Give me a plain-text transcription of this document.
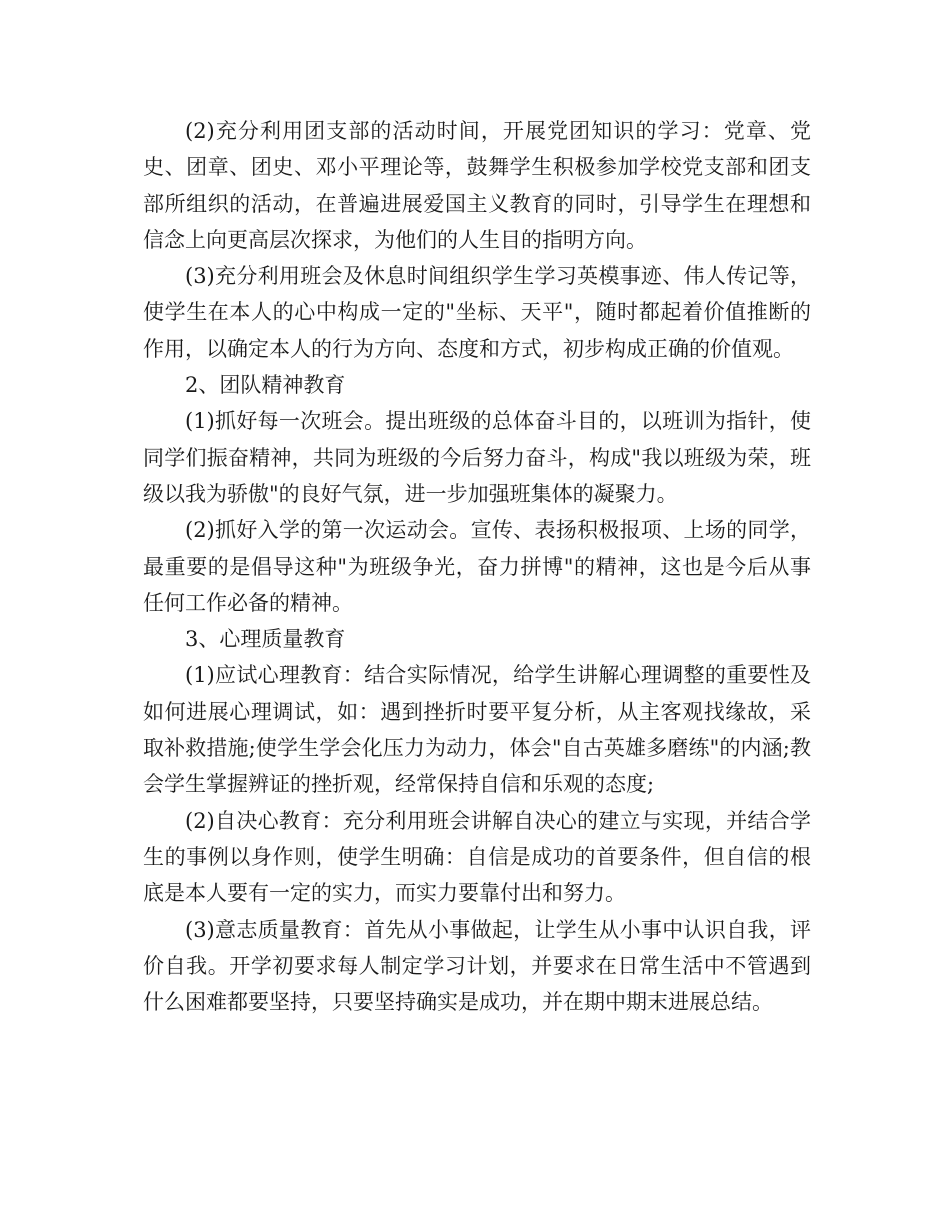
(2)充分利用团支部的活动时间，开展党团知识的学习：党章、党史、团章、团史、邓小平理论等，鼓舞学生积极参加学校党支部和团支部所组织的活动，在普遍进展爱国主义教育的同时，引导学生在理想和信念上向更高层次探求，为他们的人生目的指明方向。

(3)充分利用班会及休息时间组织学生学习英模事迹、伟人传记等，使学生在本人的心中构成一定的"坐标、天平"，随时都起着价值推断的作用，以确定本人的行为方向、态度和方式，初步构成正确的价值观。

2、团队精神教育

(1)抓好每一次班会。提出班级的总体奋斗目的，以班训为指针，使同学们振奋精神，共同为班级的今后努力奋斗，构成"我以班级为荣，班级以我为骄傲"的良好气氛，进一步加强班集体的凝聚力。

(2)抓好入学的第一次运动会。宣传、表扬积极报项、上场的同学，最重要的是倡导这种"为班级争光，奋力拼博"的精神，这也是今后从事任何工作必备的精神。

3、心理质量教育

(1)应试心理教育：结合实际情况，给学生讲解心理调整的重要性及如何进展心理调试，如：遇到挫折时要平复分析，从主客观找缘故，采取补救措施;使学生学会化压力为动力，体会"自古英雄多磨练"的内涵;教会学生掌握辨证的挫折观，经常保持自信和乐观的态度;

(2)自决心教育：充分利用班会讲解自决心的建立与实现，并结合学生的事例以身作则，使学生明确：自信是成功的首要条件，但自信的根底是本人要有一定的实力，而实力要靠付出和努力。

(3)意志质量教育：首先从小事做起，让学生从小事中认识自我，评价自我。开学初要求每人制定学习计划，并要求在日常生活中不管遇到什么困难都要坚持，只要坚持确实是成功，并在期中期末进展总结。
